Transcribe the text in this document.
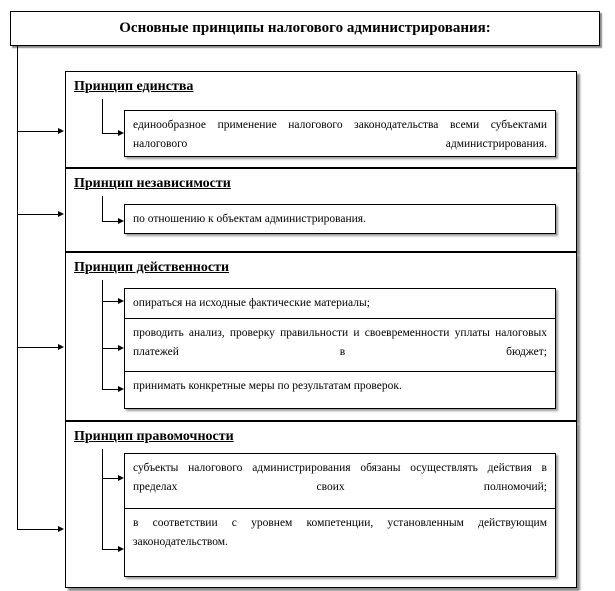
Основные принципы налогового администрирования:
Принцип единства
единообразное применение налогового законодательства всеми субъектами налогового администрирования.
Принцип независимости
по отношению к объектам администрирования.
Принцип действенности
опираться на исходные фактические материалы;
проводить анализ, проверку правильности и своевременности уплаты налоговых платежей в бюджет;
принимать конкретные меры по результатам проверок.
Принцип правомочности
субъекты налогового администрирования обязаны осуществлять действия в пределах своих полномочий;
в соответствии с уровнем компетенции, установленным действующим законодательством.
